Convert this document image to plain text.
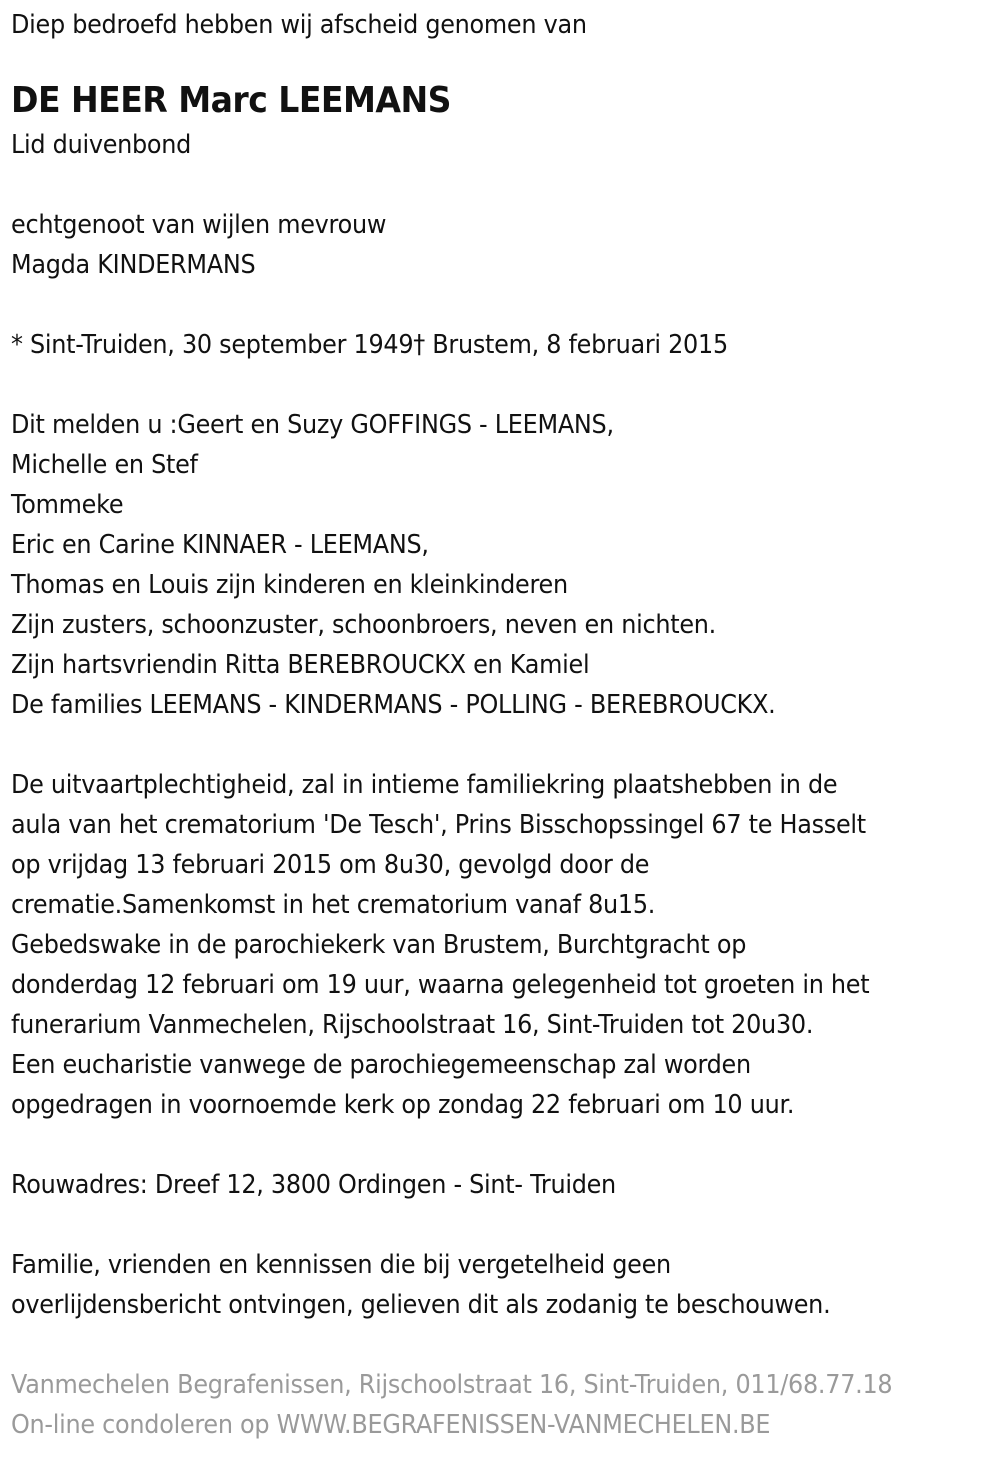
Diep bedroefd hebben wij afscheid genomen van
DE HEER Marc LEEMANS
Lid duivenbond
echtgenoot van wijlen mevrouw
Magda KINDERMANS
* Sint-Truiden, 30 september 1949† Brustem, 8 februari 2015
Dit melden u :Geert en Suzy GOFFINGS - LEEMANS,
Michelle en Stef
Tommeke
Eric en Carine KINNAER - LEEMANS,
Thomas en Louis zijn kinderen en kleinkinderen
Zijn zusters, schoonzuster, schoonbroers, neven en nichten.
Zijn hartsvriendin Ritta BEREBROUCKX en Kamiel
De families LEEMANS - KINDERMANS - POLLING - BEREBROUCKX.
De uitvaartplechtigheid, zal in intieme familiekring plaatshebben in de
aula van het crematorium 'De Tesch', Prins Bisschopssingel 67 te Hasselt
op vrijdag 13 februari 2015 om 8u30, gevolgd door de
crematie.Samenkomst in het crematorium vanaf 8u15.
Gebedswake in de parochiekerk van Brustem, Burchtgracht op
donderdag 12 februari om 19 uur, waarna gelegenheid tot groeten in het
funerarium Vanmechelen, Rijschoolstraat 16, Sint-Truiden tot 20u30.
Een eucharistie vanwege de parochiegemeenschap zal worden
opgedragen in voornoemde kerk op zondag 22 februari om 10 uur.
Rouwadres: Dreef 12, 3800 Ordingen - Sint- Truiden
Familie, vrienden en kennissen die bij vergetelheid geen
overlijdensbericht ontvingen, gelieven dit als zodanig te beschouwen.
Vanmechelen Begrafenissen, Rijschoolstraat 16, Sint-Truiden, 011/68.77.18
On-line condoleren op WWW.BEGRAFENISSEN-VANMECHELEN.BE
